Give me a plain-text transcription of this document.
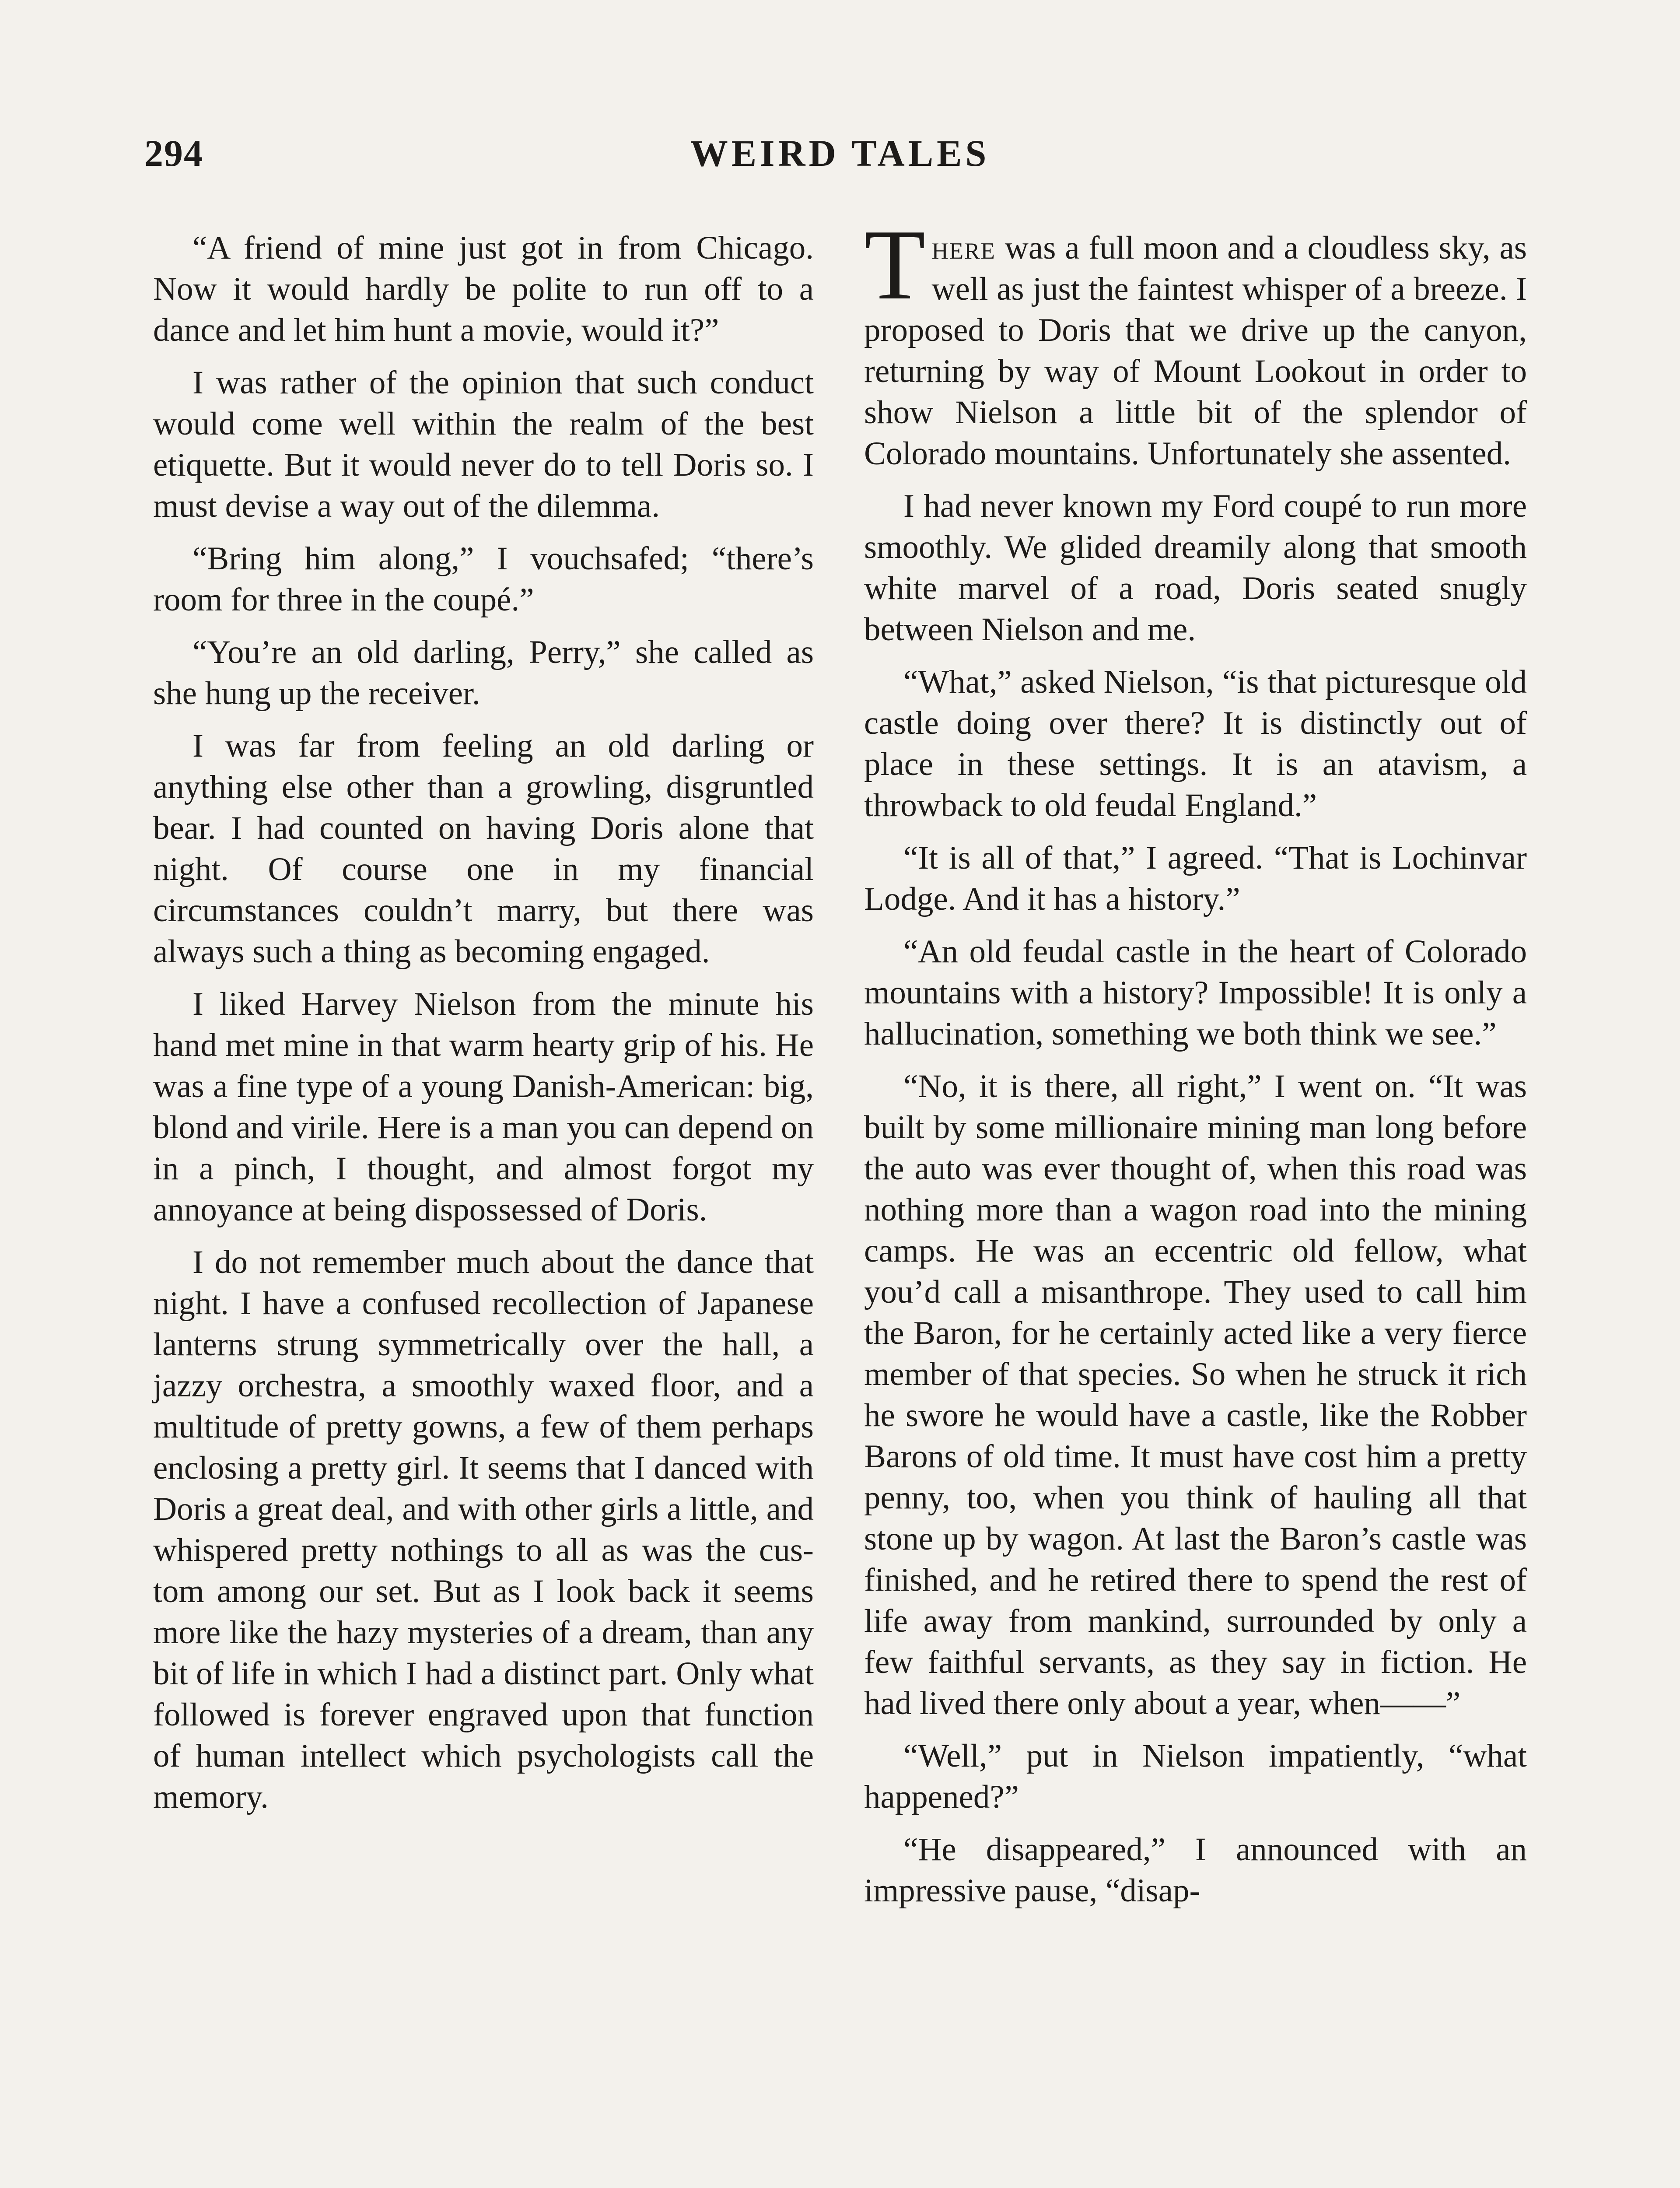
294	WEIRD TALES

“A friend of mine just got in from Chicago. Now it would hardly be polite to run off to a dance and let him hunt a movie, would it?”

I was rather of the opinion that such conduct would come well within the realm of the best etiquette. But it would never do to tell Doris so. I must devise a way out of the dilemma.

“Bring him along,” I vouchsafed; “there’s room for three in the coupé.”

“You’re an old darling, Perry,” she called as she hung up the receiver.

I was far from feeling an old darling or anything else other than a growling, disgruntled bear. I had counted on having Doris alone that night. Of course one in my financial circumstances couldn’t marry, but there was always such a thing as becoming engaged.

I liked Harvey Nielson from the minute his hand met mine in that warm hearty grip of his. He was a fine type of a young Danish-American: big, blond and virile. Here is a man you can depend on in a pinch, I thought, and almost forgot my annoyance at being dispossessed of Doris.

I do not remember much about the dance that night. I have a confused recollection of Japanese lanterns strung symmetrically over the hall, a jazzy orchestra, a smoothly waxed floor, and a multitude of pretty gowns, a few of them perhaps enclosing a pretty girl. It seems that I danced with Doris a great deal, and with other girls a little, and whispered pretty nothings to all as was the custom among our set. But as I look back it seems more like the hazy mysteries of a dream, than any bit of life in which I had a distinct part. Only what followed is forever engraved upon that function of human intellect which psychologists call the memory.

There was a full moon and a cloudless sky, as well as just the faintest whisper of a breeze. I proposed to Doris that we drive up the canyon, returning by way of Mount Lookout in order to show Nielson a little bit of the splendor of Colorado mountains. Unfortunately she assented.

I had never known my Ford coupé to run more smoothly. We glided dreamily along that smooth white marvel of a road, Doris seated snugly between Nielson and me.

“What,” asked Nielson, “is that picturesque old castle doing over there? It is distinctly out of place in these settings. It is an atavism, a throwback to old feudal England.”

“It is all of that,” I agreed. “That is Lochinvar Lodge. And it has a history.”

“An old feudal castle in the heart of Colorado mountains with a history? Impossible! It is only a hallucination, something we both think we see.”

“No, it is there, all right,” I went on. “It was built by some millionaire mining man long before the auto was ever thought of, when this road was nothing more than a wagon road into the mining camps. He was an eccentric old fellow, what you’d call a misanthrope. They used to call him the Baron, for he certainly acted like a very fierce member of that species. So when he struck it rich he swore he would have a castle, like the Robber Barons of old time. It must have cost him a pretty penny, too, when you think of hauling all that stone up by wagon. At last the Baron’s castle was finished, and he retired there to spend the rest of life away from mankind, surrounded by only a few faithful servants, as they say in fiction. He had lived there only about a year, when——”

“Well,” put in Nielson impatiently, “what happened?”

“He disappeared,” I announced with an impressive pause, “disap-
